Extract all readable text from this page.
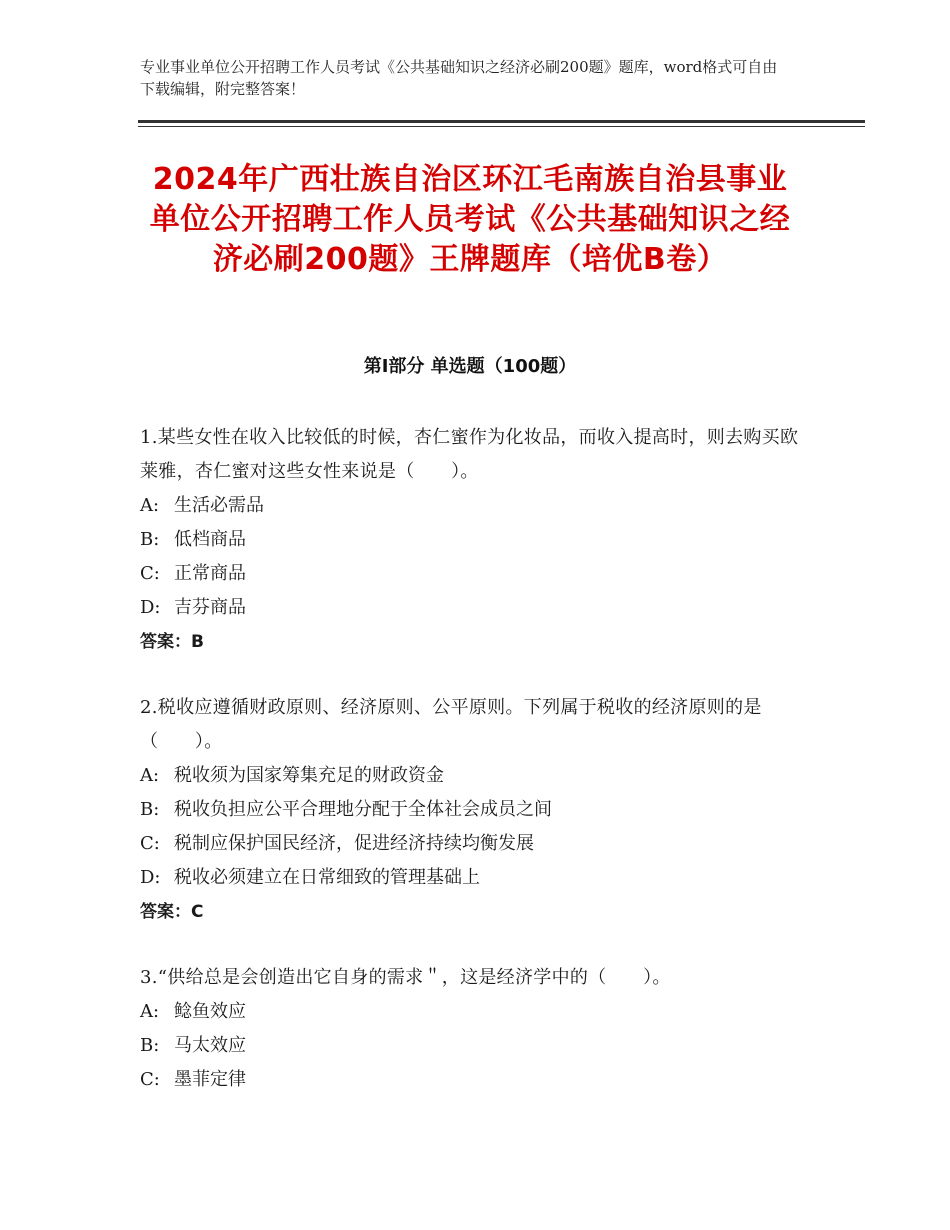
专业事业单位公开招聘工作人员考试《公共基础知识之经济必刷200题》题库，word格式可自由下载编辑，附完整答案！
2024年广西壮族自治区环江毛南族自治县事业单位公开招聘工作人员考试《公共基础知识之经济必刷200题》王牌题库（培优B卷）
第Ⅰ部分 单选题（100题）
1.某些女性在收入比较低的时候，杏仁蜜作为化妆品，而收入提高时，则去购买欧莱雅，杏仁蜜对这些女性来说是（　　）。
A: 生活必需品
B: 低档商品
C: 正常商品
D: 吉芬商品
答案：B
2.税收应遵循财政原则、经济原则、公平原则。下列属于税收的经济原则的是（　　）。
A: 税收须为国家筹集充足的财政资金
B: 税收负担应公平合理地分配于全体社会成员之间
C: 税制应保护国民经济，促进经济持续均衡发展
D: 税收必须建立在日常细致的管理基础上
答案：C
3.“供给总是会创造出它自身的需求＂，这是经济学中的（　　）。
A: 鲶鱼效应
B: 马太效应
C: 墨菲定律
